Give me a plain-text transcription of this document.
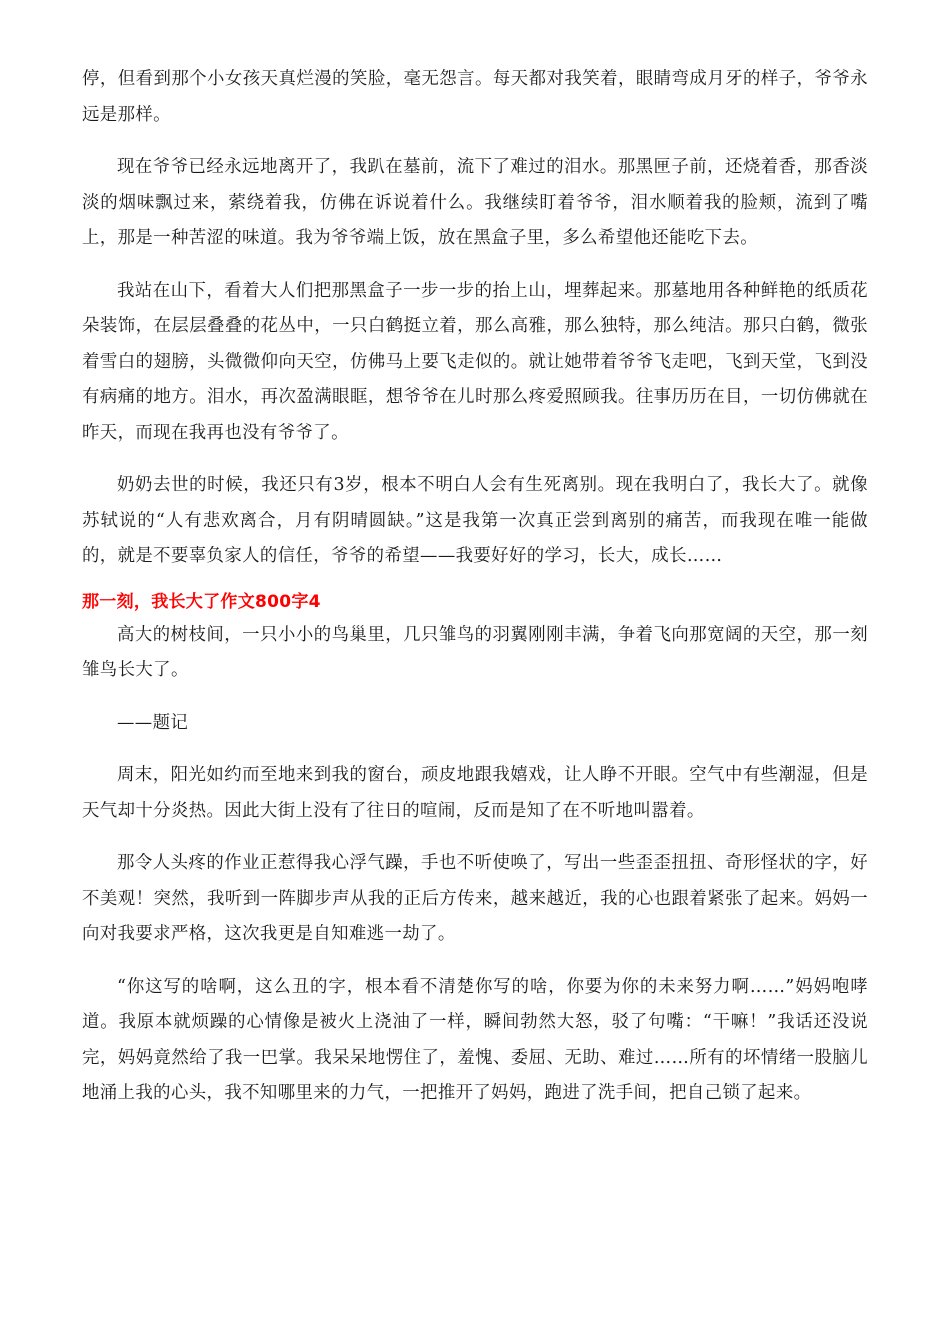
停，但看到那个小女孩天真烂漫的笑脸，毫无怨言。每天都对我笑着，眼睛弯成月牙的样子，爷爷永远是那样。

现在爷爷已经永远地离开了，我趴在墓前，流下了难过的泪水。那黑匣子前，还烧着香，那香淡淡的烟味飘过来，萦绕着我，仿佛在诉说着什么。我继续盯着爷爷，泪水顺着我的脸颊，流到了嘴上，那是一种苦涩的味道。我为爷爷端上饭，放在黑盒子里，多么希望他还能吃下去。

我站在山下，看着大人们把那黑盒子一步一步的抬上山，埋葬起来。那墓地用各种鲜艳的纸质花朵装饰，在层层叠叠的花丛中，一只白鹤挺立着，那么高雅，那么独特，那么纯洁。那只白鹤，微张着雪白的翅膀，头微微仰向天空，仿佛马上要飞走似的。就让她带着爷爷飞走吧，飞到天堂，飞到没有病痛的地方。泪水，再次盈满眼眶，想爷爷在儿时那么疼爱照顾我。往事历历在目，一切仿佛就在昨天，而现在我再也没有爷爷了。

奶奶去世的时候，我还只有3岁，根本不明白人会有生死离别。现在我明白了，我长大了。就像苏轼说的“人有悲欢离合，月有阴晴圆缺。”这是我第一次真正尝到离别的痛苦，而我现在唯一能做的，就是不要辜负家人的信任，爷爷的希望——我要好好的学习，长大，成长……

那一刻，我长大了作文800字4

高大的树枝间，一只小小的鸟巢里，几只雏鸟的羽翼刚刚丰满，争着飞向那宽阔的天空，那一刻雏鸟长大了。

——题记

周末，阳光如约而至地来到我的窗台，顽皮地跟我嬉戏，让人睁不开眼。空气中有些潮湿，但是天气却十分炎热。因此大街上没有了往日的喧闹，反而是知了在不听地叫嚣着。

那令人头疼的作业正惹得我心浮气躁，手也不听使唤了，写出一些歪歪扭扭、奇形怪状的字，好不美观！突然，我听到一阵脚步声从我的正后方传来，越来越近，我的心也跟着紧张了起来。妈妈一向对我要求严格，这次我更是自知难逃一劫了。

“你这写的啥啊，这么丑的字，根本看不清楚你写的啥，你要为你的未来努力啊……”妈妈咆哮道。我原本就烦躁的心情像是被火上浇油了一样，瞬间勃然大怒，驳了句嘴：“干嘛！”我话还没说完，妈妈竟然给了我一巴掌。我呆呆地愣住了，羞愧、委屈、无助、难过……所有的坏情绪一股脑儿地涌上我的心头，我不知哪里来的力气，一把推开了妈妈，跑进了洗手间，把自己锁了起来。
